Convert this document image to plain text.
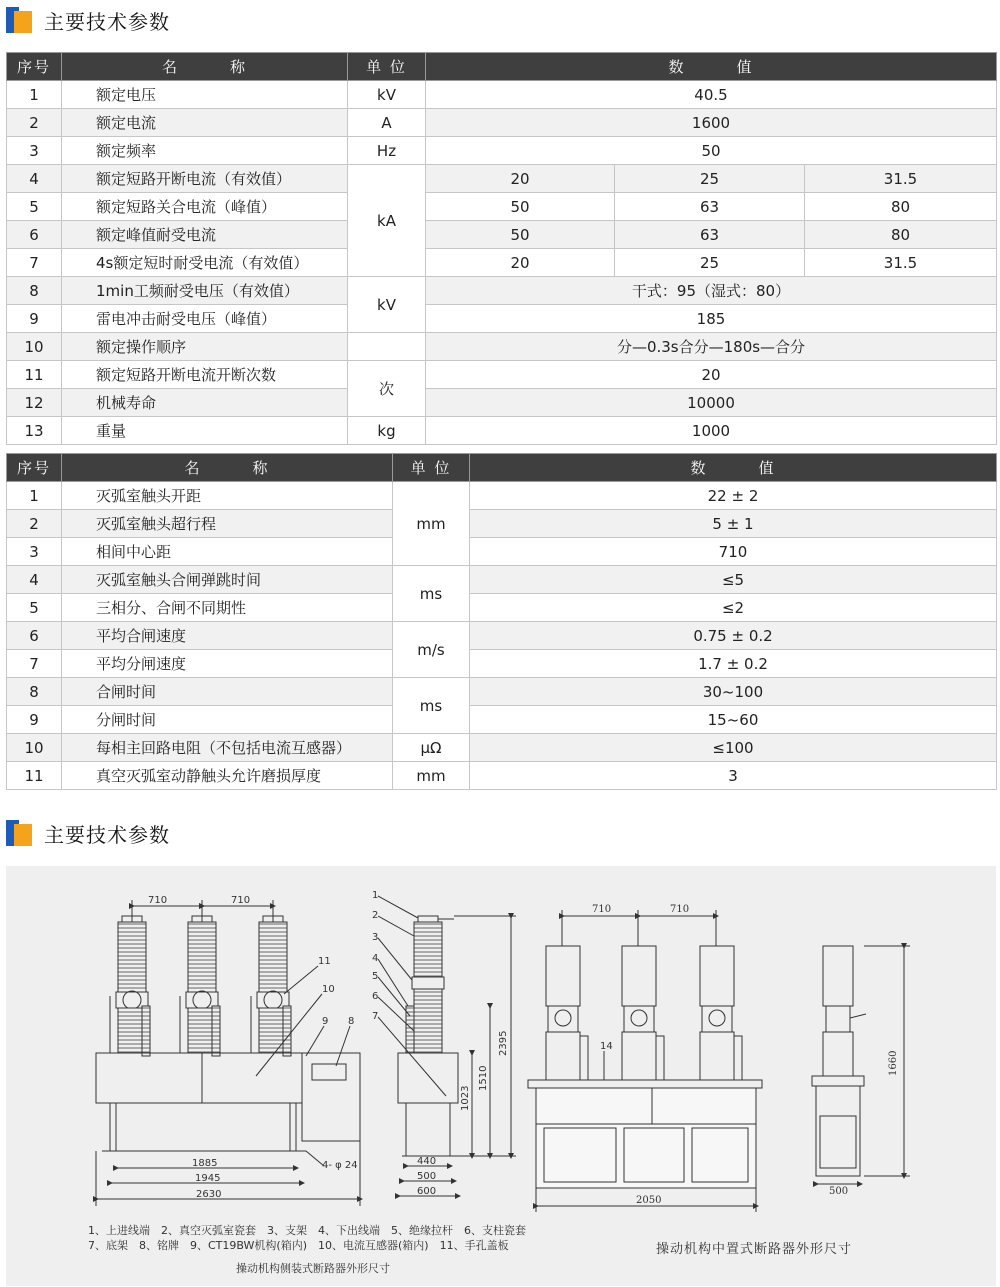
主要技术参数
序号	名　　　称	单 位	数　　　值		
1	额定电压	kV	40.5		
2	额定电流	A	1600		
3	额定频率	Hz	50		
4	额定短路开断电流（有效值）	kA	20	25	31.5
5	额定短路关合电流（峰值）		50	63	80
6	额定峰值耐受电流		50	63	80
7	4s额定短时耐受电流（有效值）		20	25	31.5
8	1min工频耐受电压（有效值）	kV	干式：95（湿式：80）		
9	雷电冲击耐受电压（峰值）		185		
10	额定操作顺序		分—0.3s合分—180s—合分		
11	额定短路开断电流开断次数	次	20		
12	机械寿命		10000		
13	重量	kg	1000		
序号	名　　　称	单 位	数　　　值
1	灭弧室触头开距	mm	22 ± 2
2	灭弧室触头超行程		5 ± 1
3	相间中心距		710
4	灭弧室触头合闸弹跳时间	ms	≤5
5	三相分、合闸不同期性		≤2
6	平均合闸速度	m/s	0.75 ± 0.2
7	平均分闸速度		1.7 ± 0.2
8	合闸时间	ms	30~100
9	分闸时间		15~60
10	每相主回路电阻（不包括电流互感器）	μΩ	≤100
11	真空灭弧室动静触头允许磨损厚度	mm	3
主要技术参数
710	710
11
10
9 8
1885
1945
2630
4- φ 24
1
2
3
4
5
6
7
2395
1510
1023
440
500
600
710	710
14
2050
1660
500
1、上进线端　2、真空灭弧室瓷套　3、支架　4、下出线端　5、绝缘拉杆　6、支柱瓷套
7、底架　8、铭牌　9、CT19BW机构(箱内)　10、电流互感器(箱内)　11、手孔盖板
操动机构侧装式断路器外形尺寸
操动机构中置式断路器外形尺寸
